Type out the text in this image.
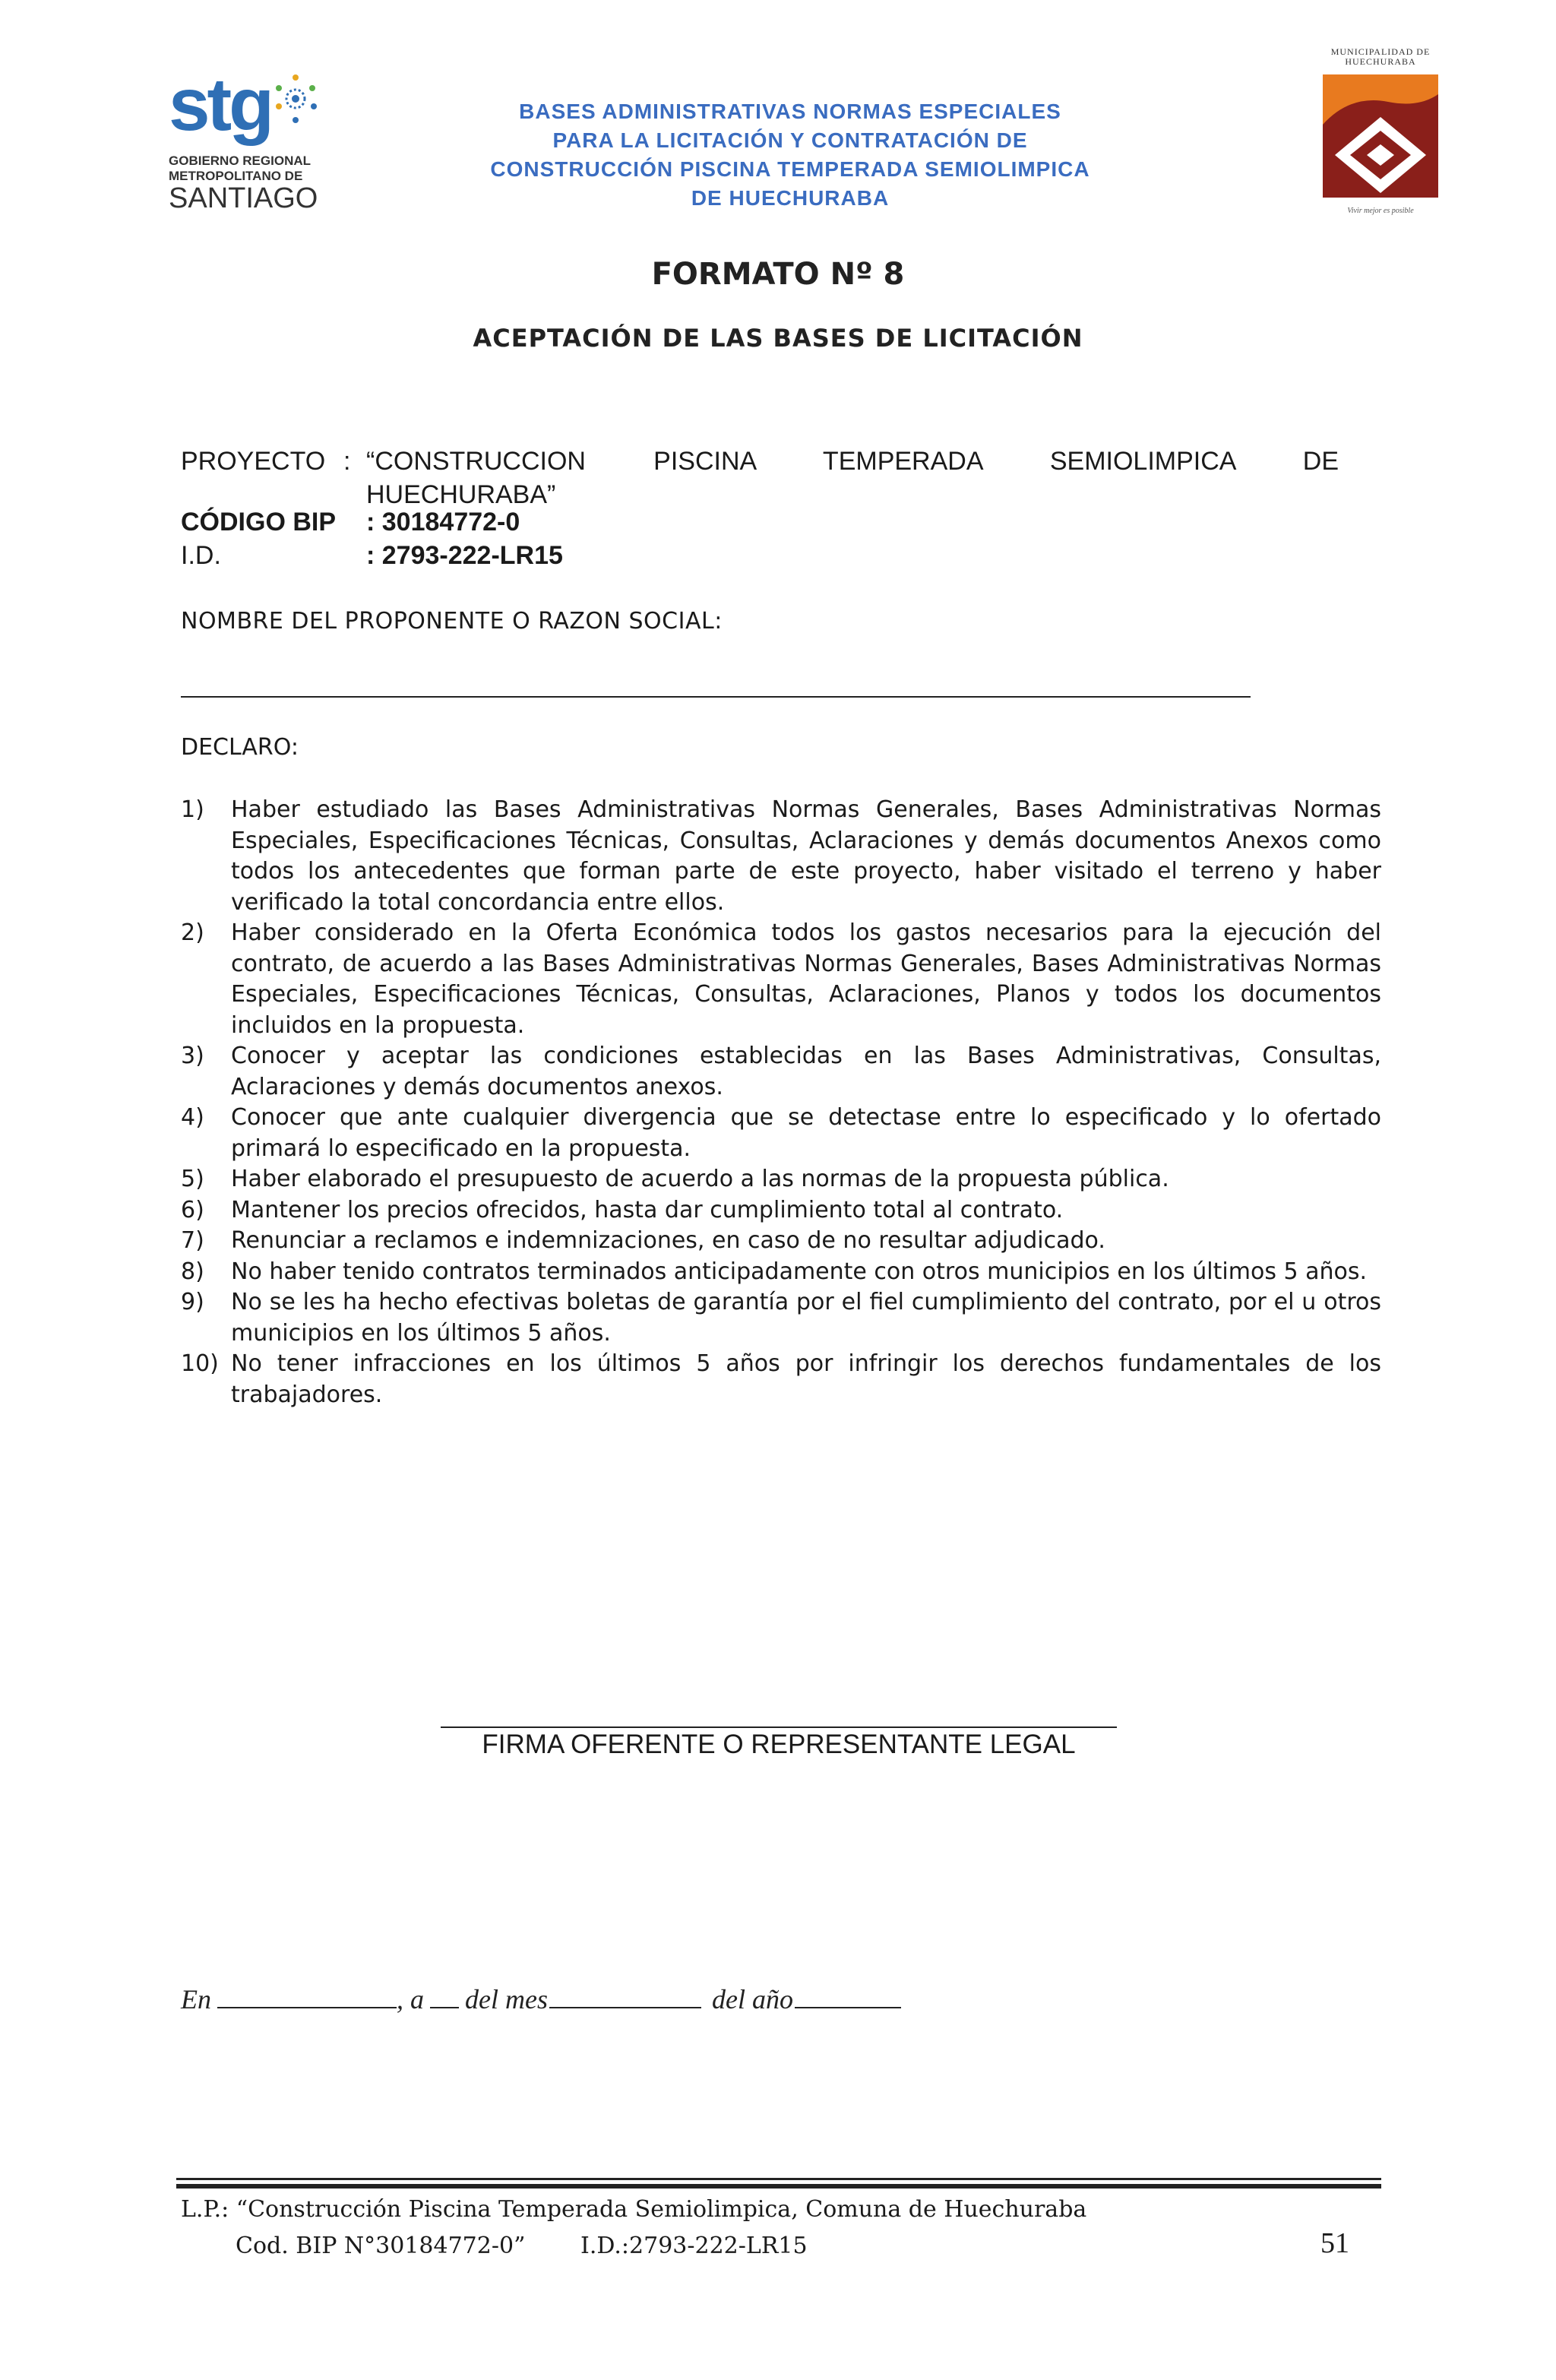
stg
GOBIERNO REGIONAL
METROPOLITANO DE
SANTIAGO
BASES ADMINISTRATIVAS NORMAS ESPECIALES
PARA LA LICITACIÓN Y CONTRATACIÓN DE
CONSTRUCCIÓN PISCINA TEMPERADA SEMIOLIMPICA
DE HUECHURABA
MUNICIPALIDAD DE
HUECHURABA
Vivir mejor es posible
FORMATO Nº 8
ACEPTACIÓN DE LAS BASES DE LICITACIÓN
PROYECTO : “CONSTRUCCION PISCINA TEMPERADA SEMIOLIMPICA DE
HUECHURABA”
CÓDIGO BIP : 30184772-0
I.D.	: 2793-222-LR15
NOMBRE DEL PROPONENTE O RAZON SOCIAL:
DECLARO:
1)	Haber estudiado las Bases Administrativas Normas Generales, Bases Administrativas Normas Especiales, Especificaciones Técnicas, Consultas, Aclaraciones y demás documentos Anexos como todos los antecedentes que forman parte de este proyecto, haber visitado el terreno y haber verificado la total concordancia entre ellos.
2)	Haber considerado en la Oferta Económica todos los gastos necesarios para la ejecución del contrato, de acuerdo a las Bases Administrativas Normas Generales, Bases Administrativas Normas Especiales, Especificaciones Técnicas, Consultas, Aclaraciones, Planos y todos los documentos incluidos en la propuesta.
3)	Conocer y aceptar las condiciones establecidas en las Bases Administrativas, Consultas, Aclaraciones y demás documentos anexos.
4)	Conocer que ante cualquier divergencia que se detectase entre lo especificado y lo ofertado primará lo especificado en la propuesta.
5)	Haber elaborado el presupuesto de acuerdo a las normas de la propuesta pública.
6)	Mantener los precios ofrecidos, hasta dar cumplimiento total al contrato.
7)	Renunciar a reclamos e indemnizaciones, en caso de no resultar adjudicado.
8)	No haber tenido contratos terminados anticipadamente con otros municipios en los últimos 5 años.
9)	No se les ha hecho efectivas boletas de garantía por el fiel cumplimiento del contrato, por el u otros municipios en los últimos 5 años.
10) No tener infracciones en los últimos 5 años por infringir los derechos fundamentales de los trabajadores.
FIRMA OFERENTE O REPRESENTANTE LEGAL
En	, a del mes	del año
L.P.: “Construcción Piscina Temperada Semiolimpica, Comuna de Huechuraba
Cod. BIP N°30184772-0” I.D.:2793-222-LR15	51
